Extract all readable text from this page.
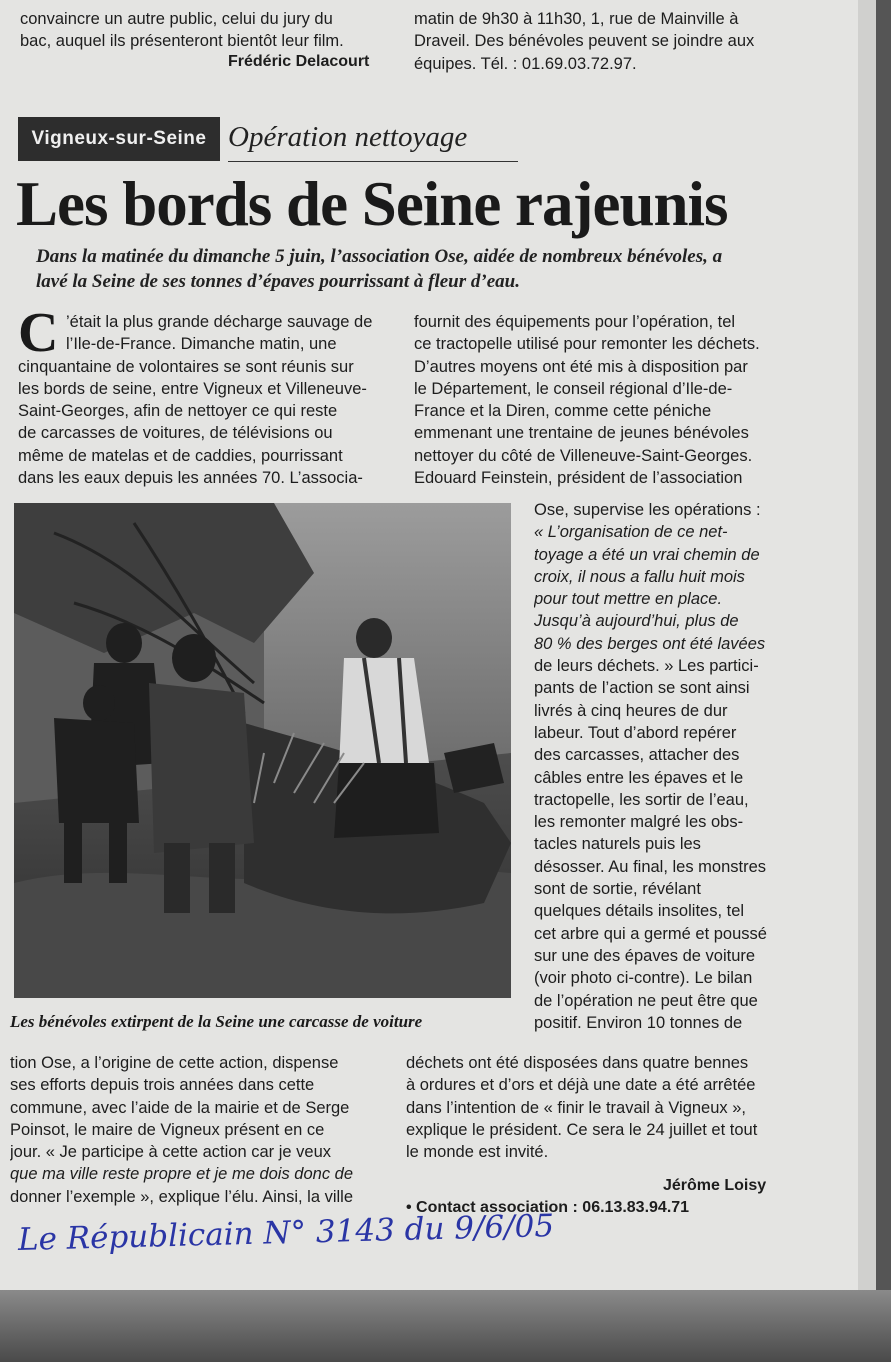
convaincre un autre public, celui du jury du
bac, auquel ils présenteront bientôt leur film.
Frédéric Delacourt
matin de 9h30 à 11h30, 1, rue de Mainville à
Draveil. Des bénévoles peuvent se joindre aux
équipes. Tél. : 01.69.03.72.97.
Vigneux-sur-Seine Opération nettoyage
Les bords de Seine rajeunis

Dans la matinée du dimanche 5 juin, l’association Ose, aidée de nombreux bénévoles, a lavé la Seine de ses tonnes d’épaves pourrissant à fleur d’eau.

C ’était la plus grande décharge sauvage de
l’Ile-de-France. Dimanche matin, une
cinquantaine de volontaires se sont réunis sur
les bords de seine, entre Vigneux et Villeneuve-
Saint-Georges, afin de nettoyer ce qui reste
de carcasses de voitures, de télévisions ou
même de matelas et de caddies, pourrissant
dans les eaux depuis les années 70. L’associa-
fournit des équipements pour l’opération, tel
ce tractopelle utilisé pour remonter les déchets.
D’autres moyens ont été mis à disposition par
le Département, le conseil régional d’Ile-de-
France et la Diren, comme cette péniche
emmenant une trentaine de jeunes bénévoles
nettoyer du côté de Villeneuve-Saint-Georges.
Edouard Feinstein, président de l’association
Ose, supervise les opérations :
« L’organisation de ce net-
toyage a été un vrai chemin de
croix, il nous a fallu huit mois
pour tout mettre en place.
Jusqu’à aujourd’hui, plus de
80 % des berges ont été lavées
de leurs déchets. » Les partici-
pants de l’action se sont ainsi
livrés à cinq heures de dur
labeur. Tout d’abord repérer
des carcasses, attacher des
câbles entre les épaves et le
tractopelle, les sortir de l’eau,
les remonter malgré les obs-
tacles naturels puis les
désosser. Au final, les monstres
sont de sortie, révélant
quelques détails insolites, tel
cet arbre qui a germé et poussé
sur une des épaves de voiture
(voir photo ci-contre). Le bilan
de l’opération ne peut être que
positif. Environ 10 tonnes de

Les bénévoles extirpent de la Seine une carcasse de voiture

tion Ose, a l’origine de cette action, dispense
ses efforts depuis trois années dans cette
commune, avec l’aide de la mairie et de Serge
Poinsot, le maire de Vigneux présent en ce
jour. « Je participe à cette action car je veux
que ma ville reste propre et je me dois donc de
donner l’exemple », explique l’élu. Ainsi, la ville
déchets ont été disposées dans quatre bennes
à ordures et d’ors et déjà une date a été arrêtée
dans l’intention de « finir le travail à Vigneux »,
explique le président. Ce sera le 24 juillet et tout
le monde est invité.
Jérôme Loisy
• Contact association : 06.13.83.94.71
Le Républicain N° 3143 du 9/6/05
